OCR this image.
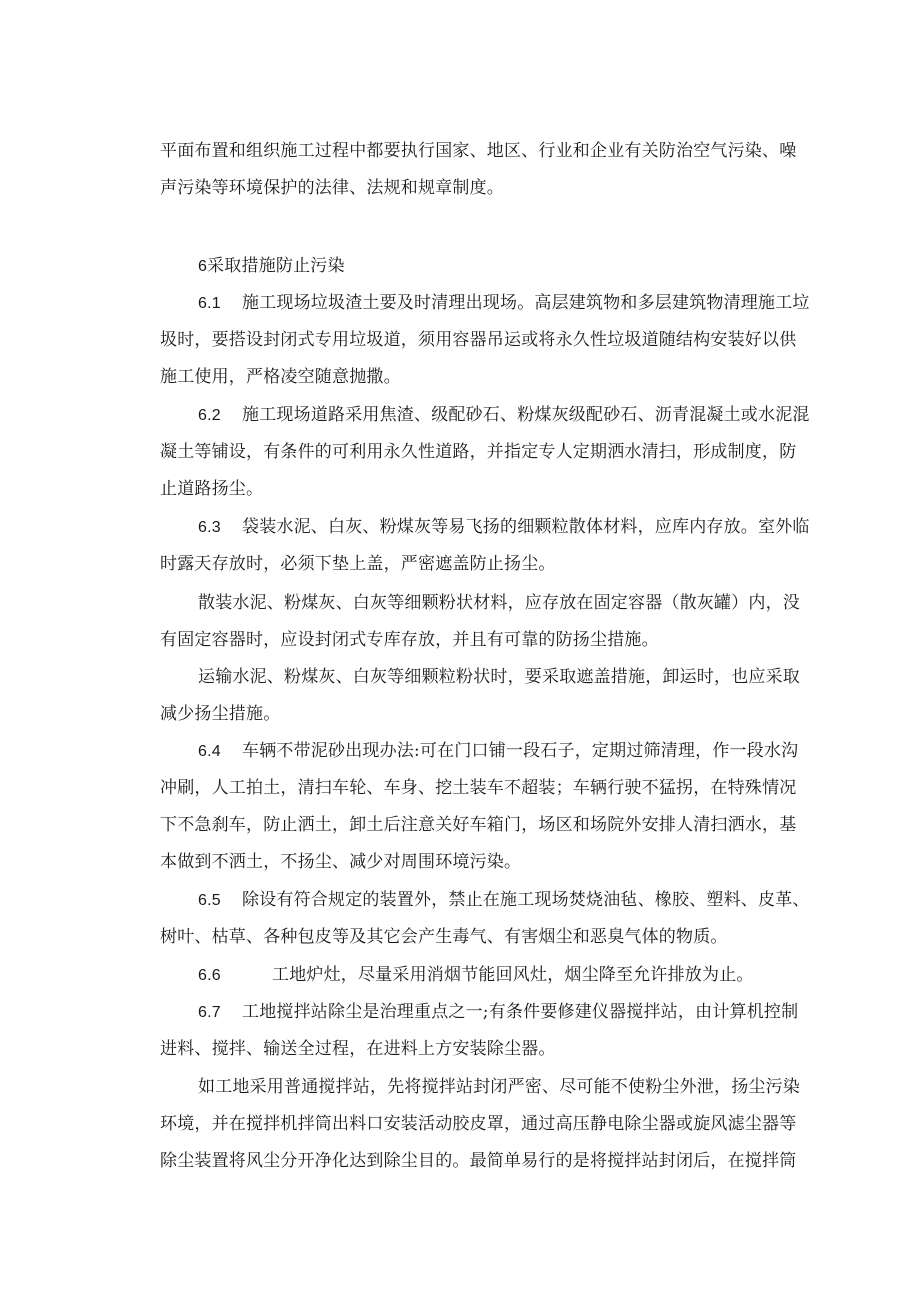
平面布置和组织施工过程中都要执行国家、地区、行业和企业有关防治空气污染、噪
声污染等环境保护的法律、法规和规章制度。
6采取措施防止污染
6.1 施工现场垃圾渣土要及时清理出现场。高层建筑物和多层建筑物清理施工垃
圾时，要搭设封闭式专用垃圾道，须用容器吊运或将永久性垃圾道随结构安装好以供
施工使用，严格凌空随意抛撒。
6.2 施工现场道路采用焦渣、级配砂石、粉煤灰级配砂石、沥青混凝土或水泥混
凝土等铺设，有条件的可利用永久性道路，并指定专人定期洒水清扫，形成制度，防
止道路扬尘。
6.3 袋装水泥、白灰、粉煤灰等易飞扬的细颗粒散体材料，应库内存放。室外临
时露天存放时，必须下垫上盖，严密遮盖防止扬尘。
散装水泥、粉煤灰、白灰等细颗粉状材料，应存放在固定容器（散灰罐）内，没
有固定容器时，应设封闭式专库存放，并且有可靠的防扬尘措施。
运输水泥、粉煤灰、白灰等细颗粒粉状时，要采取遮盖措施，卸运时，也应采取
减少扬尘措施。
6.4 车辆不带泥砂出现办法:可在门口铺一段石子，定期过筛清理，作一段水沟
冲刷，人工拍土，清扫车轮、车身、挖土装车不超装；车辆行驶不猛拐，在特殊情况
下不急刹车，防止洒土，卸土后注意关好车箱门，场区和场院外安排人清扫洒水，基
本做到不洒土，不扬尘、减少对周围环境污染。
6.5 除设有符合规定的装置外，禁止在施工现场焚烧油毡、橡胶、塑料、皮革、
树叶、枯草、各种包皮等及其它会产生毒气、有害烟尘和恶臭气体的物质。
6.6	工地炉灶，尽量采用消烟节能回风灶，烟尘降至允许排放为止。
6.7 工地搅拌站除尘是治理重点之一;有条件要修建仪器搅拌站，由计算机控制
进料、搅拌、输送全过程，在进料上方安装除尘器。
如工地采用普通搅拌站，先将搅拌站封闭严密、尽可能不使粉尘外泄，扬尘污染
环境，并在搅拌机拌筒出料口安装活动胶皮罩，通过高压静电除尘器或旋风滤尘器等
除尘装置将风尘分开净化达到除尘目的。最简单易行的是将搅拌站封闭后，在搅拌筒
